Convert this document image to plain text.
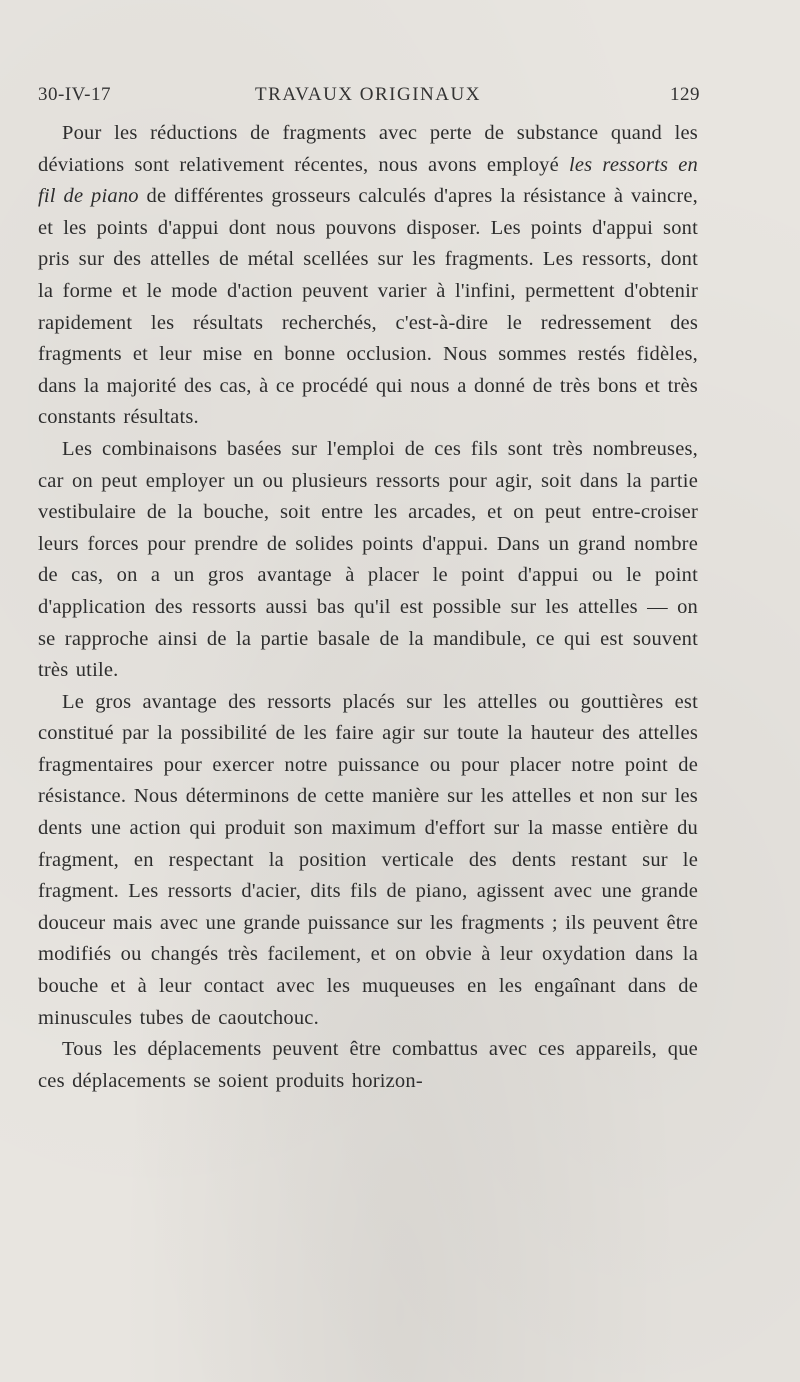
30-IV-17	TRAVAUX ORIGINAUX	129

Pour les réductions de fragments avec perte de substance quand les déviations sont relativement récentes, nous avons employé les ressorts en fil de piano de différentes grosseurs calculés d'apres la résistance à vaincre, et les points d'appui dont nous pouvons disposer. Les points d'appui sont pris sur des attelles de métal scellées sur les fragments. Les ressorts, dont la forme et le mode d'action peuvent varier à l'infini, permettent d'obtenir rapidement les résultats recherchés, c'est-à-dire le redressement des fragments et leur mise en bonne occlusion. Nous sommes restés fidèles, dans la majorité des cas, à ce procédé qui nous a donné de très bons et très constants résultats.

Les combinaisons basées sur l'emploi de ces fils sont très nombreuses, car on peut employer un ou plusieurs ressorts pour agir, soit dans la partie vestibulaire de la bouche, soit entre les arcades, et on peut entre-croiser leurs forces pour prendre de solides points d'appui. Dans un grand nombre de cas, on a un gros avantage à placer le point d'appui ou le point d'application des ressorts aussi bas qu'il est possible sur les attelles — on se rapproche ainsi de la partie basale de la mandibule, ce qui est souvent très utile.

Le gros avantage des ressorts placés sur les attelles ou gouttières est constitué par la possibilité de les faire agir sur toute la hauteur des attelles fragmentaires pour exercer notre puissance ou pour placer notre point de résistance. Nous déterminons de cette manière sur les attelles et non sur les dents une action qui produit son maximum d'effort sur la masse entière du fragment, en respectant la position verticale des dents restant sur le fragment. Les ressorts d'acier, dits fils de piano, agissent avec une grande douceur mais avec une grande puissance sur les fragments ; ils peuvent être modifiés ou changés très facilement, et on obvie à leur oxydation dans la bouche et à leur contact avec les muqueuses en les engaînant dans de minuscules tubes de caoutchouc.

Tous les déplacements peuvent être combattus avec ces appareils, que ces déplacements se soient produits horizon-
